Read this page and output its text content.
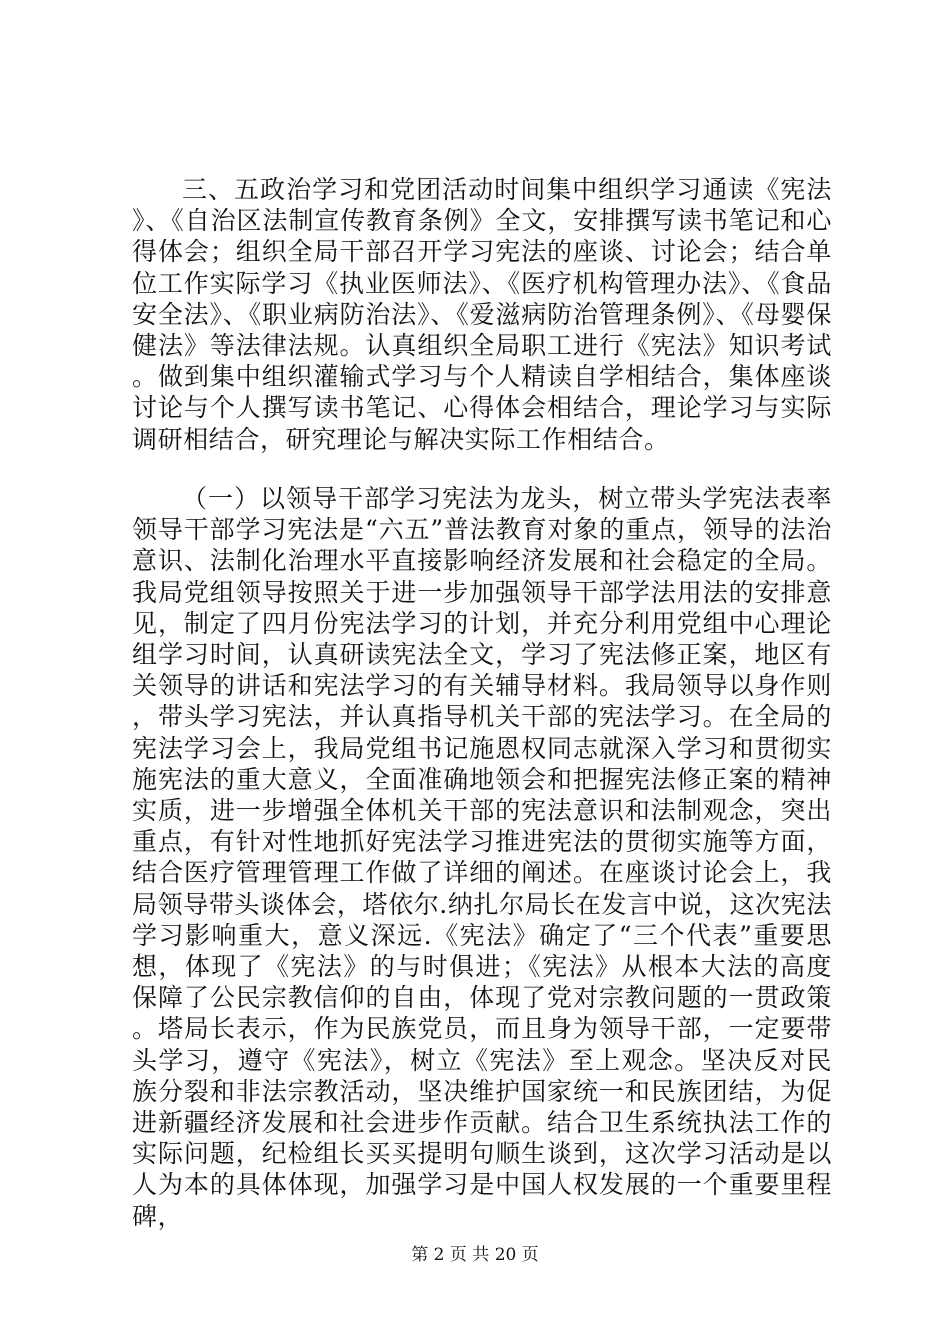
三、五政治学习和党团活动时间集中组织学习通读《宪法》、《自治区法制宣传教育条例》全文，安排撰写读书笔记和心得体会；组织全局干部召开学习宪法的座谈、讨论会；结合单位工作实际学习《执业医师法》、《医疗机构管理办法》、《食品安全法》、《职业病防治法》、《爱滋病防治管理条例》、《母婴保健法》等法律法规。认真组织全局职工进行《宪法》知识考试。做到集中组织灌输式学习与个人精读自学相结合，集体座谈讨论与个人撰写读书笔记、心得体会相结合，理论学习与实际调研相结合，研究理论与解决实际工作相结合。

（一）以领导干部学习宪法为龙头，树立带头学宪法表率领导干部学习宪法是“六五”普法教育对象的重点，领导的法治意识、法制化治理水平直接影响经济发展和社会稳定的全局。我局党组领导按照关于进一步加强领导干部学法用法的安排意见，制定了四月份宪法学习的计划，并充分利用党组中心理论组学习时间，认真研读宪法全文，学习了宪法修正案，地区有关领导的讲话和宪法学习的有关辅导材料。我局领导以身作则，带头学习宪法，并认真指导机关干部的宪法学习。在全局的宪法学习会上，我局党组书记施恩权同志就深入学习和贯彻实施宪法的重大意义，全面准确地领会和把握宪法修正案的精神实质，进一步增强全体机关干部的宪法意识和法制观念，突出重点，有针对性地抓好宪法学习推进宪法的贯彻实施等方面，结合医疗管理管理工作做了详细的阐述。在座谈讨论会上，我局领导带头谈体会，塔依尔.纳扎尔局长在发言中说，这次宪法学习影响重大，意义深远.《宪法》确定了“三个代表”重要思想，体现了《宪法》的与时俱进；《宪法》从根本大法的高度保障了公民宗教信仰的自由，体现了党对宗教问题的一贯政策。塔局长表示，作为民族党员，而且身为领导干部，一定要带头学习，遵守《宪法》，树立《宪法》至上观念。坚决反对民族分裂和非法宗教活动，坚决维护国家统一和民族团结，为促进新疆经济发展和社会进步作贡献。结合卫生系统执法工作的实际问题，纪检组长买买提明句顺生谈到，这次学习活动是以人为本的具体体现，加强学习是中国人权发展的一个重要里程碑，

第 2 页 共 20 页
